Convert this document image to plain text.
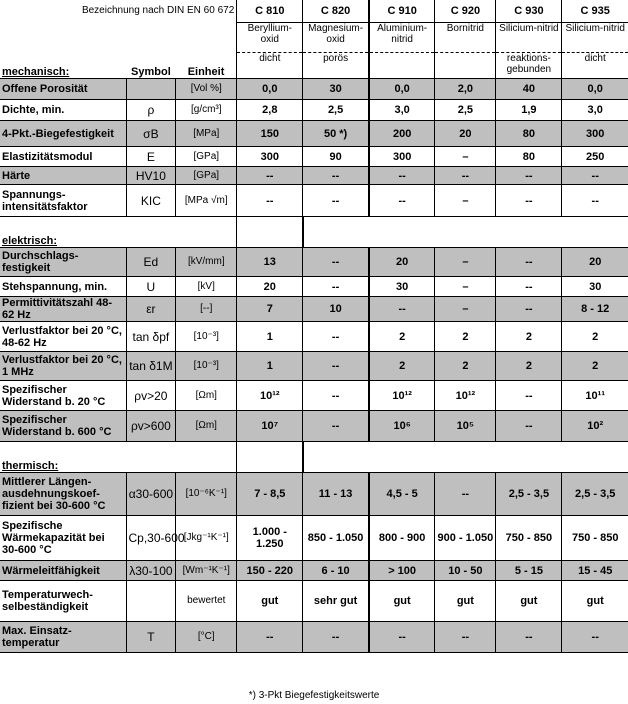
Bezeichnung nach DIN EN 60 672			C 810	C 820	C 910	C 920	C 930	C 935
			Beryllium-oxid	Magnesium-oxid	Aluminium-nitrid	Bornitrid	Silicium-nitrid	Silicium-nitrid
mechanisch:	Symbol	Einheit	dicht	porös			reaktions-gebunden	dicht
Offene Porosität		[Vol %]	0,0	30	0,0	2,0	40	0,0
Dichte, min.	ρ	[g/cm³]	2,8	2,5	3,0	2,5	1,9	3,0
4-Pkt.-Biegefestigkeit	σB	[MPa]	150	50 *)	200	20	80	300
Elastizitätsmodul	E	[GPa]	300	90	300	–	80	250
Härte	HV10	[GPa]	--	--	--	--	--	--
Spannungs-intensitätsfaktor	KIC	[MPa √m]	--	--	--	–	--	--
elektrisch:								
Durchschlags-festigkeit	Ed	[kV/mm]	13	--	20	–	--	20
Stehspannung, min.	U	[kV]	20	--	30	–	--	30
Permittivitätszahl 48-62 Hz	εr	[--]	7	10	--	–	--	8 - 12
Verlustfaktor bei 20 °C, 48-62 Hz	tan δpf	[10⁻³]	1	--	2	2	2	2
Verlustfaktor bei 20 °C, 1 MHz	tan δ1M	[10⁻³]	1	--	2	2	2	2
Spezifischer Widerstand b. 20 °C	ρv>20	[Ωm]	10¹²	--	10¹²	10¹²	--	10¹¹
Spezifischer Widerstand b. 600 °C	ρv>600	[Ωm]	10⁷	--	10⁶	10⁵	--	10²
thermisch:								
Mittlerer Längen-ausdehnungskoef-fizient bei 30-600 °C	α30-600	[10⁻⁶K⁻¹]	7 - 8,5	11 - 13	4,5 - 5	--	2,5 - 3,5	2,5 - 3,5
Spezifische Wärmekapazität bei 30-600 °C	Cp,30-600	[Jkg⁻¹K⁻¹]	1.000 - 1.250	850 - 1.050	800 - 900	900 - 1.050	750 - 850	750 - 850
Wärmeleitfähigkeit	λ30-100	[Wm⁻¹K⁻¹]	150 - 220	6 - 10	> 100	10 - 50	5 - 15	15 - 45
Temperaturwech-selbeständigkeit		bewertet	gut	sehr gut	gut	gut	gut	gut
Max. Einsatz-temperatur	T	[°C]	--	--	--	--	--	--
*) 3-Pkt Biegefestigkeitswerte
